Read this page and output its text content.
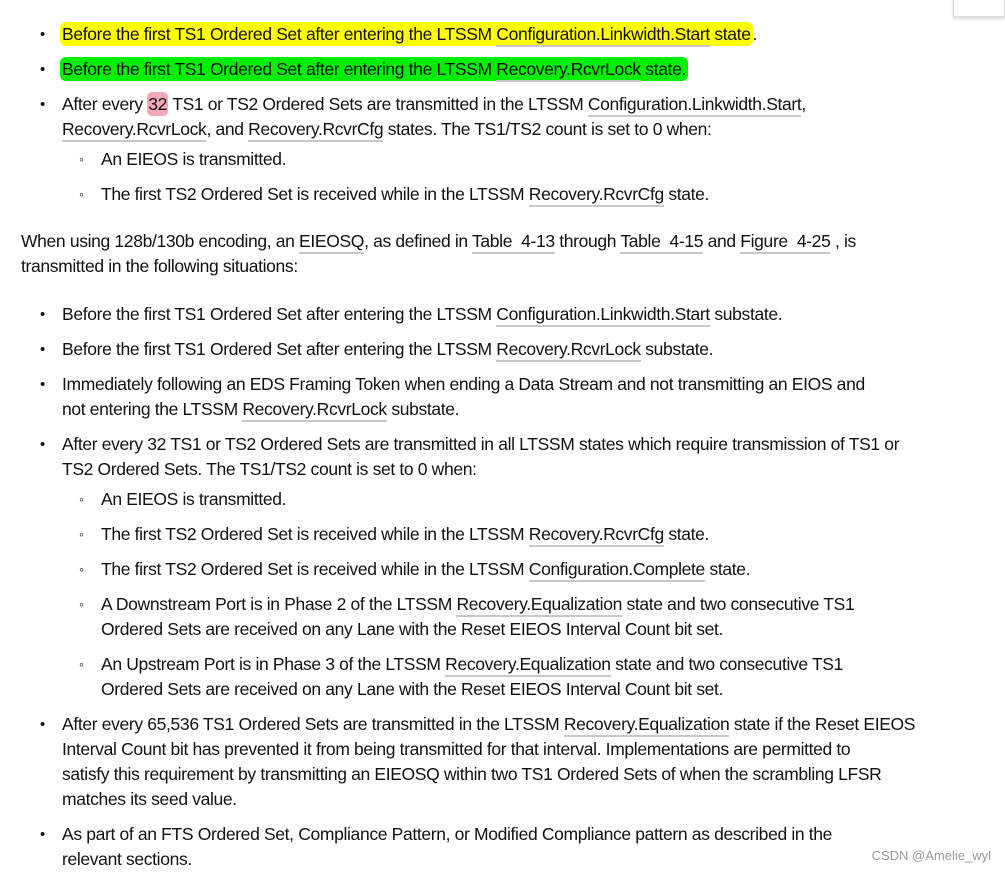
• Before the first TS1 Ordered Set after entering the LTSSM Configuration.Linkwidth.Start state .
• Before the first TS1 Ordered Set after entering the LTSSM Recovery.RcvrLock state.
• After every 32 TS1 or TS2 Ordered Sets are transmitted in the LTSSM Configuration.Linkwidth.Start,
Recovery.RcvrLock, and Recovery.RcvrCfg states. The TS1/TS2 count is set to 0 when:
◦ An EIEOS is transmitted.
◦ The first TS2 Ordered Set is received while in the LTSSM Recovery.RcvrCfg state.
When using 128b/130b encoding, an EIEOSQ, as defined in Table  4-13 through Table  4-15 and Figure  4-25 , is
transmitted in the following situations:
• Before the first TS1 Ordered Set after entering the LTSSM Configuration.Linkwidth.Start substate.
• Before the first TS1 Ordered Set after entering the LTSSM Recovery.RcvrLock substate.
• Immediately following an EDS Framing Token when ending a Data Stream and not transmitting an EIOS and
not entering the LTSSM Recovery.RcvrLock substate.
• After every 32 TS1 or TS2 Ordered Sets are transmitted in all LTSSM states which require transmission of TS1 or
TS2 Ordered Sets. The TS1/TS2 count is set to 0 when:
◦ An EIEOS is transmitted.
◦ The first TS2 Ordered Set is received while in the LTSSM Recovery.RcvrCfg state.
◦ The first TS2 Ordered Set is received while in the LTSSM Configuration.Complete state.
◦ A Downstream Port is in Phase 2 of the LTSSM Recovery.Equalization state and two consecutive TS1
Ordered Sets are received on any Lane with the Reset EIEOS Interval Count bit set.
◦ An Upstream Port is in Phase 3 of the LTSSM Recovery.Equalization state and two consecutive TS1
Ordered Sets are received on any Lane with the Reset EIEOS Interval Count bit set.
• After every 65,536 TS1 Ordered Sets are transmitted in the LTSSM Recovery.Equalization state if the Reset EIEOS
Interval Count bit has prevented it from being transmitted for that interval. Implementations are permitted to
satisfy this requirement by transmitting an EIEOSQ within two TS1 Ordered Sets of when the scrambling LFSR
matches its seed value.
• As part of an FTS Ordered Set, Compliance Pattern, or Modified Compliance pattern as described in the
relevant sections.	CSDN @Amelie_wyl
